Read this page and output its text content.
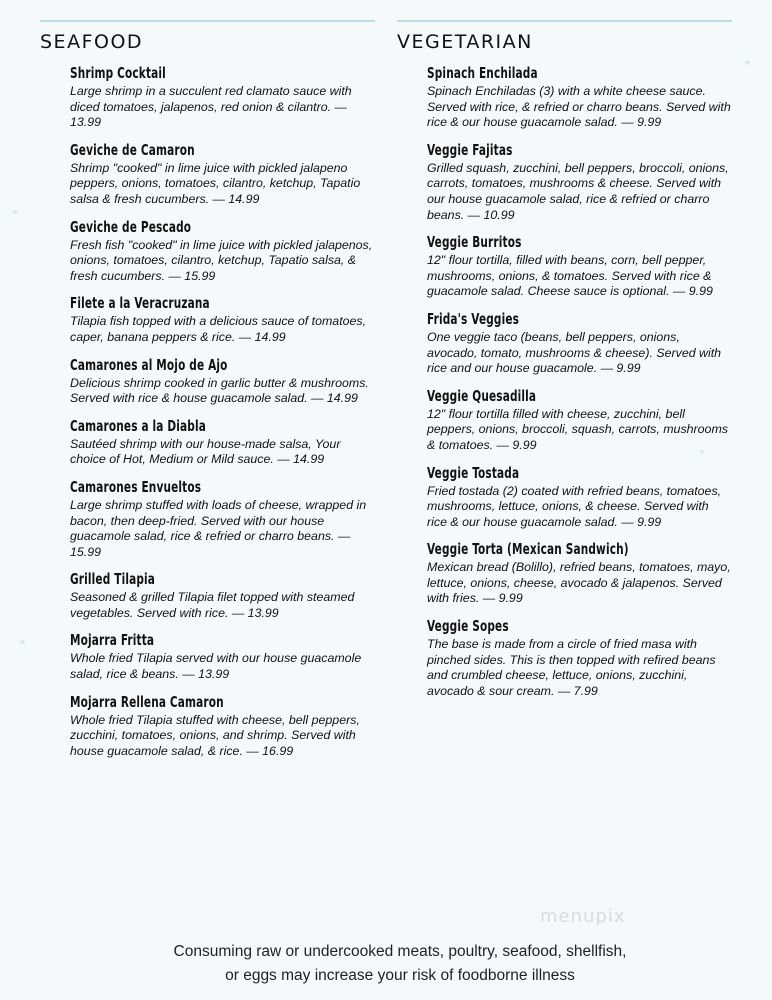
SEAFOOD
Shrimp Cocktail
Large shrimp in a succulent red clamato sauce with diced tomatoes, jalapenos, red onion & cilantro. — 13.99
Geviche de Camaron
Shrimp "cooked" in lime juice with pickled jalapeno peppers, onions, tomatoes, cilantro, ketchup, Tapatio salsa & fresh cucumbers. — 14.99
Geviche de Pescado
Fresh fish "cooked" in lime juice with pickled jalapenos, onions, tomatoes, cilantro, ketchup, Tapatio salsa, & fresh cucumbers. — 15.99
Filete a la Veracruzana
Tilapia fish topped with a delicious sauce of tomatoes, caper, banana peppers & rice. — 14.99
Camarones al Mojo de Ajo
Delicious shrimp cooked in garlic butter & mushrooms. Served with rice & house guacamole salad. — 14.99
Camarones a la Diabla
Sautéed shrimp with our house-made salsa, Your choice of Hot, Medium or Mild sauce. — 14.99
Camarones Envueltos
Large shrimp stuffed with loads of cheese, wrapped in bacon, then deep-fried. Served with our house guacamole salad, rice & refried or charro beans. — 15.99
Grilled Tilapia
Seasoned & grilled Tilapia filet topped with steamed vegetables. Served with rice. — 13.99
Mojarra Fritta
Whole fried Tilapia served with our house guacamole salad, rice & beans. — 13.99
Mojarra Rellena Camaron
Whole fried Tilapia stuffed with cheese, bell peppers, zucchini, tomatoes, onions, and shrimp. Served with house guacamole salad, & rice. — 16.99
VEGETARIAN
Spinach Enchilada
Spinach Enchiladas (3) with a white cheese sauce. Served with rice, & refried or charro beans. Served with rice & our house guacamole salad. — 9.99
Veggie Fajitas
Grilled squash, zucchini, bell peppers, broccoli, onions, carrots, tomatoes, mushrooms & cheese. Served with our house guacamole salad, rice & refried or charro beans. — 10.99
Veggie Burritos
12" flour tortilla, filled with beans, corn, bell pepper, mushrooms, onions, & tomatoes. Served with rice & guacamole salad. Cheese sauce is optional. — 9.99
Frida's Veggies
One veggie taco (beans, bell peppers, onions, avocado, tomato, mushrooms & cheese). Served with rice and our house guacamole. — 9.99
Veggie Quesadilla
12" flour tortilla filled with cheese, zucchini, bell peppers, onions, broccoli, squash, carrots, mushrooms & tomatoes. — 9.99
Veggie Tostada
Fried tostada (2) coated with refried beans, tomatoes, mushrooms, lettuce, onions, & cheese. Served with rice & our house guacamole salad. — 9.99
Veggie Torta (Mexican Sandwich)
Mexican bread (Bolillo), refried beans, tomatoes, mayo, lettuce, onions, cheese, avocado & jalapenos. Served with fries. — 9.99
Veggie Sopes
The base is made from a circle of fried masa with pinched sides. This is then topped with refired beans and crumbled cheese, lettuce, onions, zucchini, avocado & sour cream. — 7.99
Consuming raw or undercooked meats, poultry, seafood, shellfish,
or eggs may increase your risk of foodborne illness
menupix
